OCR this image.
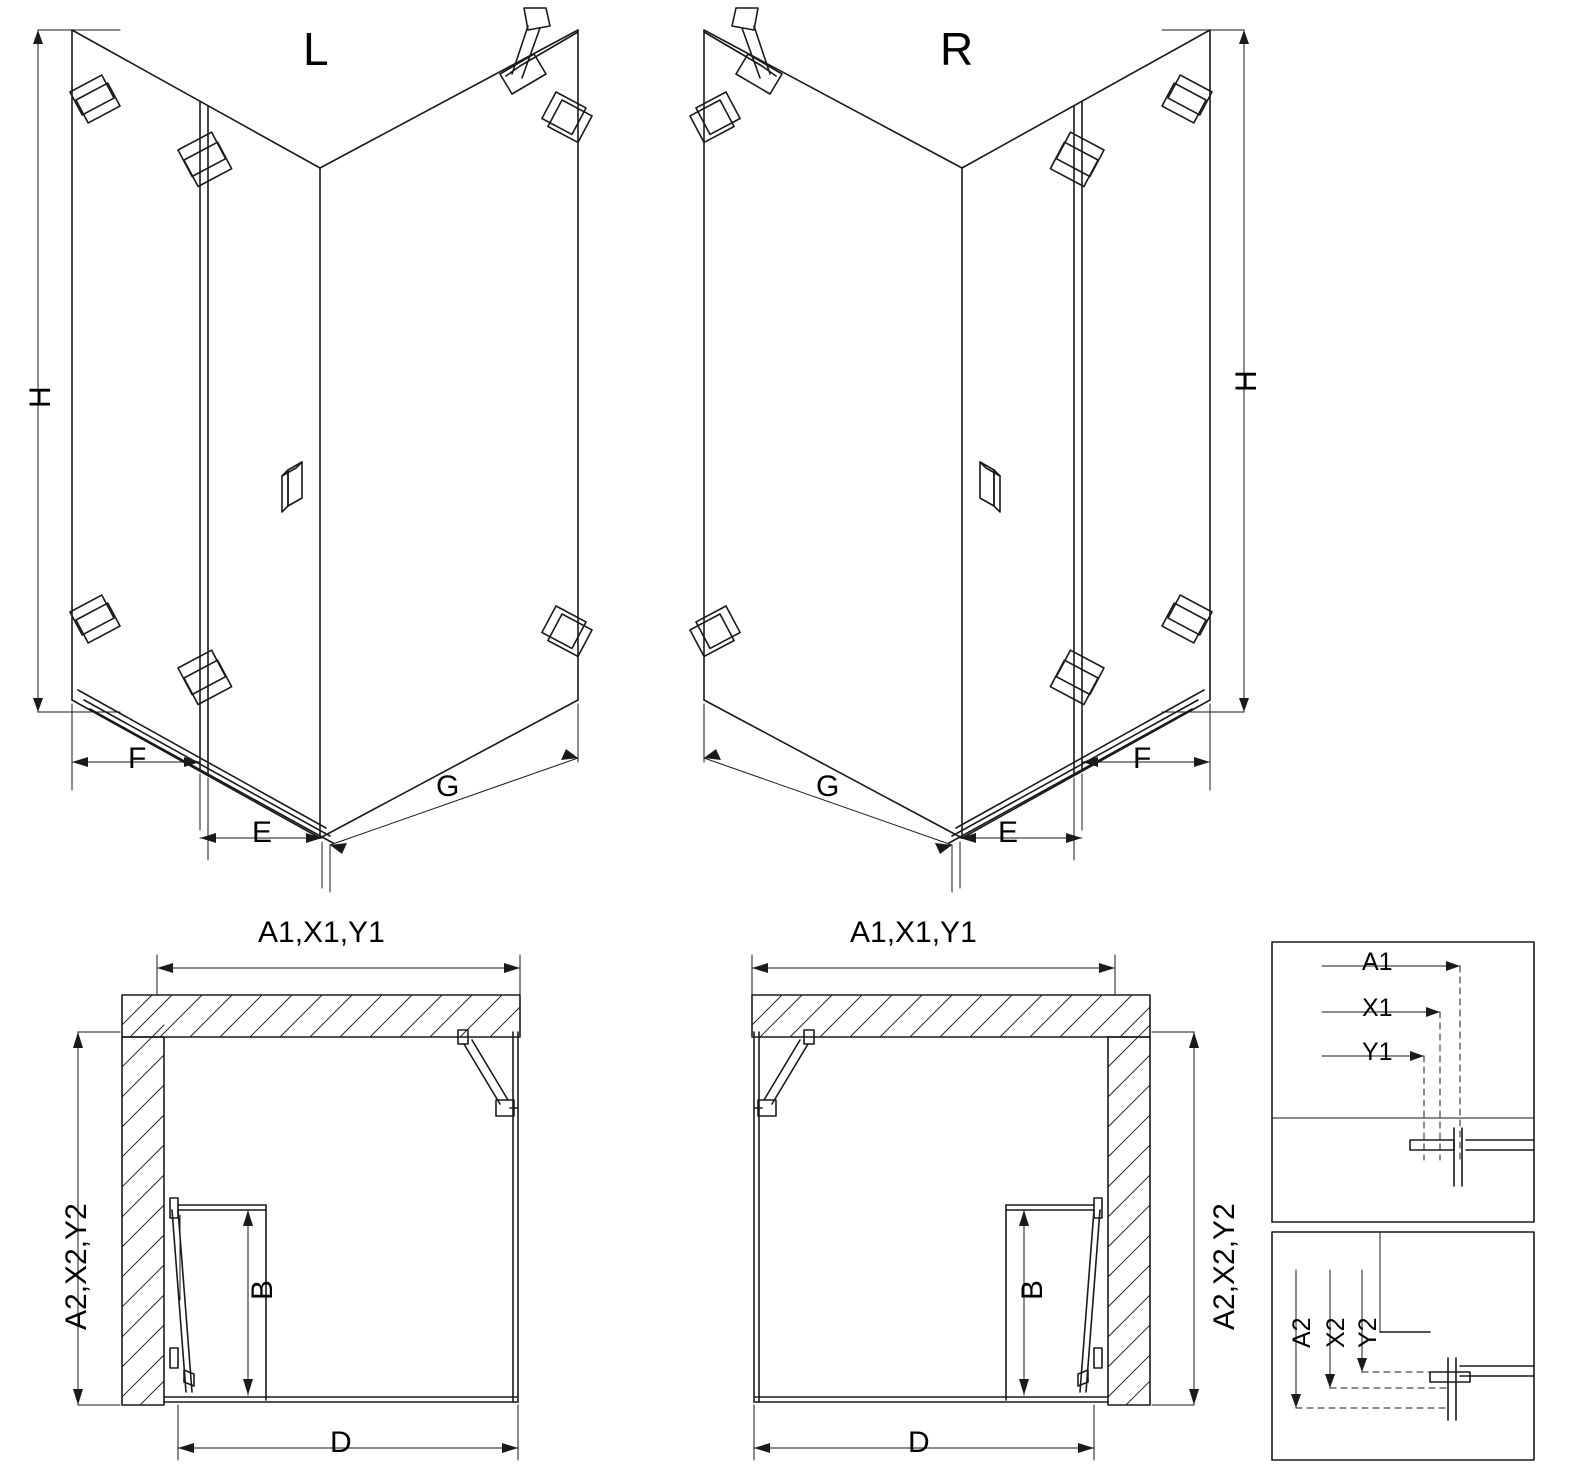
L	R
H
H
F
E
G
F
E
G
A1,X1,Y1	A1,X1,Y1
A2,X2,Y2	A2,X2,Y2
B	B
D	D
A1
X1
Y1
A2 X2 Y2
